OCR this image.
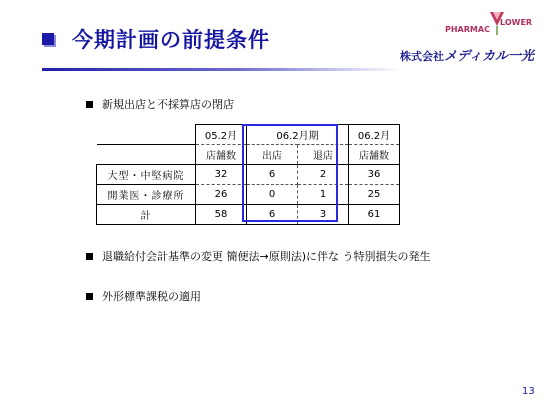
今期計画の前提条件	PHARMAC
LOWER
株式会社メディカル一光
新規出店と不採算店の閉店
	05.2月	06.2月期		06.2月
	店舗数	出店	退店	店舗数
大型・中堅病院	32	6	2	36
開業医・診療所	26	0	1	25
計	58	6	3	61
退職給付会計基準の変更 簡便法→原則法)に伴な う特別損失の発生
外形標準課税の適用
13
